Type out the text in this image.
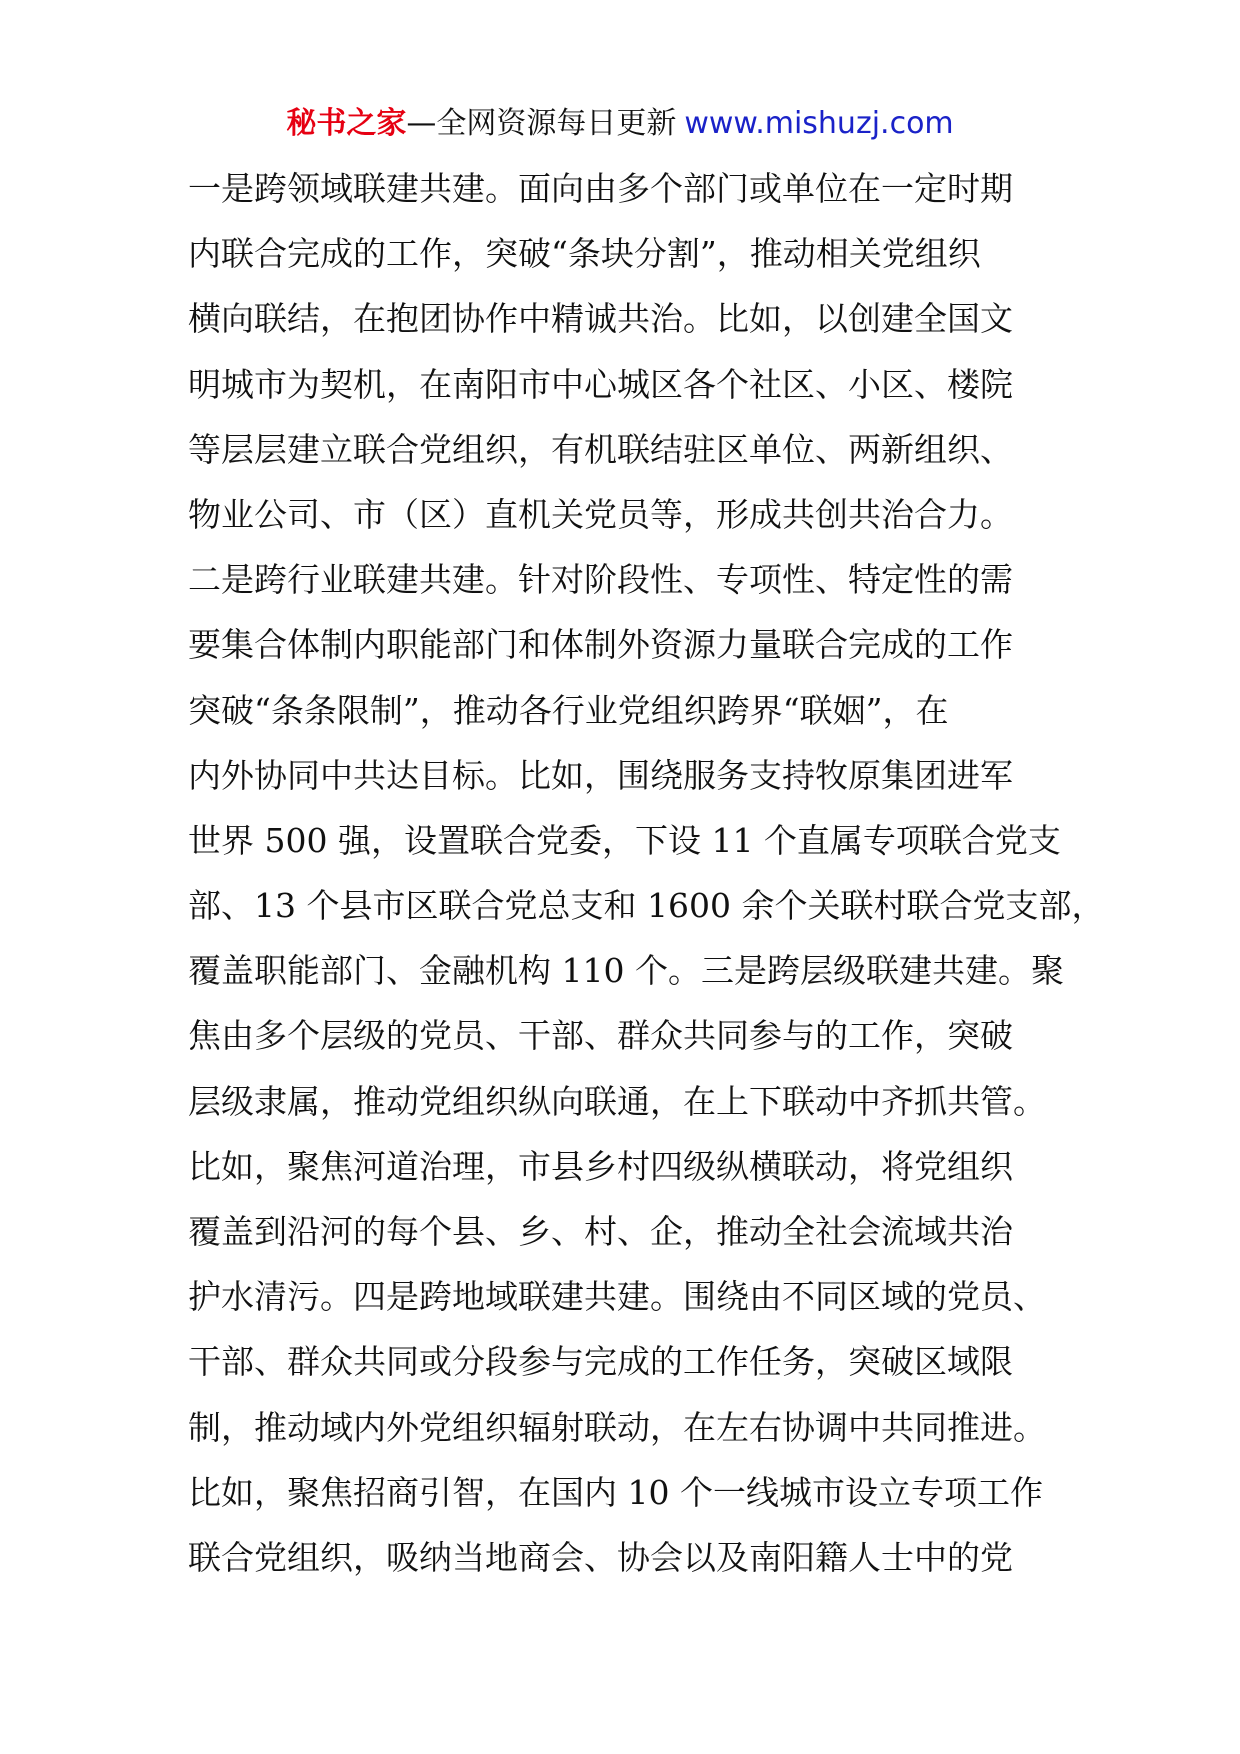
秘书之家—全网资源每日更新 www.mishuzj.com
一是跨领域联建共建。面向由多个部门或单位在一定时期
内联合完成的工作，突破“条块分割”，推动相关党组织
横向联结，在抱团协作中精诚共治。比如，以创建全国文
明城市为契机，在南阳市中心城区各个社区、小区、楼院
等层层建立联合党组织，有机联结驻区单位、两新组织、
物业公司、市（区）直机关党员等，形成共创共治合力。
二是跨行业联建共建。针对阶段性、专项性、特定性的需
要集合体制内职能部门和体制外资源力量联合完成的工作
突破“条条限制”，推动各行业党组织跨界“联姻”，在
内外协同中共达目标。比如，围绕服务支持牧原集团进军
世界 500 强，设置联合党委，下设 11 个直属专项联合党支
部、13 个县市区联合党总支和 1600 余个关联村联合党支部，
覆盖职能部门、金融机构 110 个。三是跨层级联建共建。聚
焦由多个层级的党员、干部、群众共同参与的工作，突破
层级隶属，推动党组织纵向联通，在上下联动中齐抓共管。
比如，聚焦河道治理，市县乡村四级纵横联动，将党组织
覆盖到沿河的每个县、乡、村、企，推动全社会流域共治
护水清污。四是跨地域联建共建。围绕由不同区域的党员、
干部、群众共同或分段参与完成的工作任务，突破区域限
制，推动域内外党组织辐射联动，在左右协调中共同推进。
比如，聚焦招商引智，在国内 10 个一线城市设立专项工作
联合党组织，吸纳当地商会、协会以及南阳籍人士中的党
